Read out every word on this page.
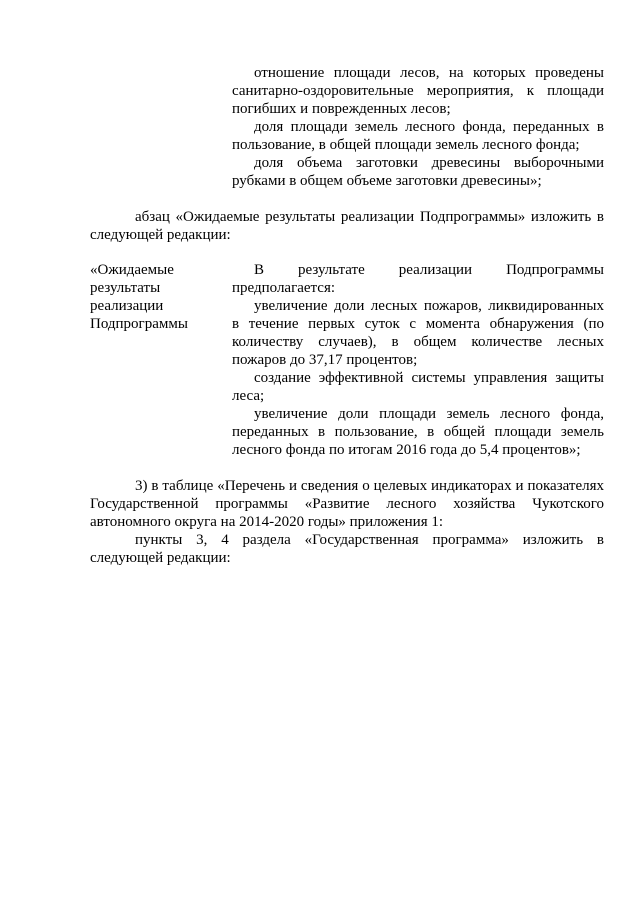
отношение площади лесов, на которых проведены санитарно-оздоровительные мероприятия, к площади погибших и поврежденных лесов;

доля площади земель лесного фонда, переданных в пользование, в общей площади земель лесного фонда;

доля объема заготовки древесины выборочными рубками в общем объеме заготовки древесины»;

абзац «Ожидаемые результаты реализации Подпрограммы» изложить в следующей редакции:

«Ожидаемые
результаты
реализации
Подпрограммы

В результате реализации Подпрограммы предполагается:

увеличение доли лесных пожаров, ликвидированных в течение первых суток с момента обнаружения (по количеству случаев), в общем количестве лесных пожаров до 37,17 процентов;

создание эффективной системы управления защиты леса;

увеличение доли площади земель лесного фонда, переданных в пользование, в общей площади земель лесного фонда по итогам 2016 года до 5,4 процентов»;

3) в таблице «Перечень и сведения о целевых индикаторах и показателях Государственной программы «Развитие лесного хозяйства Чукотского автономного округа на 2014-2020 годы» приложения 1:

пункты 3, 4 раздела «Государственная программа» изложить в следующей редакции:
